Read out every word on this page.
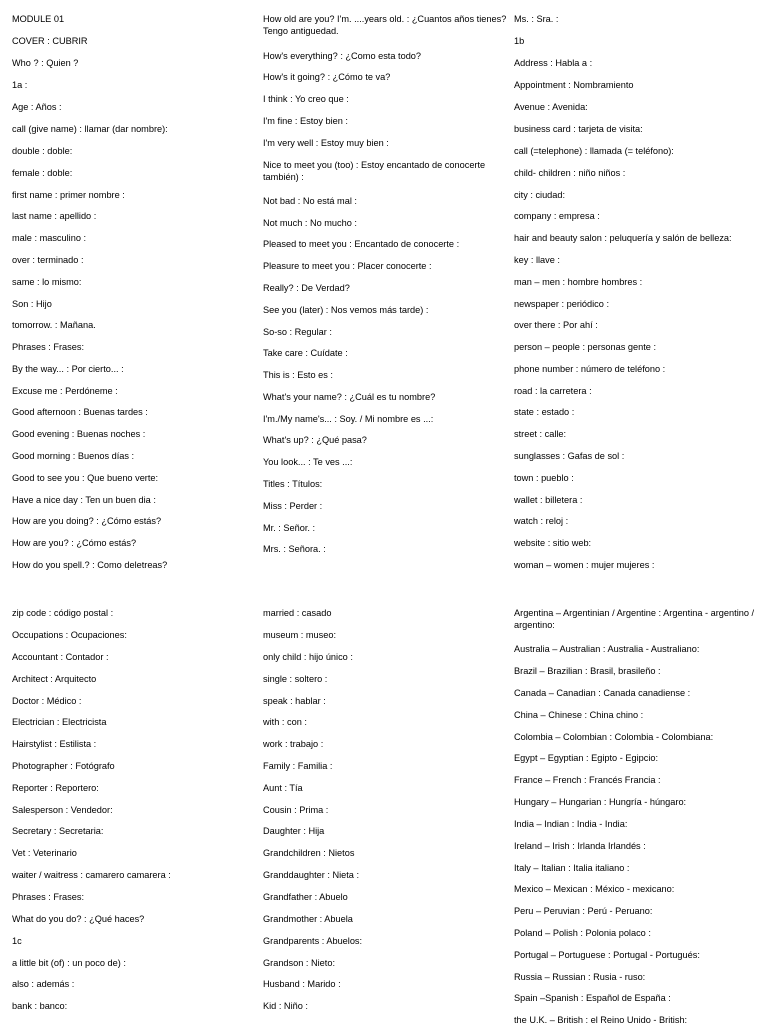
MODULE 01
COVER : CUBRIR
Who ? : Quien ?
1a :
Age : Años :
call (give name) : llamar (dar nombre):
double : doble:
female : doble:
first name : primer nombre :
last name : apellido :
male : masculino :
over : terminado :
same : lo mismo:
Son : Hijo
tomorrow. : Mañana.
Phrases : Frases:
By the way... : Por cierto... :
Excuse me : Perdóneme :
Good afternoon : Buenas tardes :
Good evening : Buenas noches :
Good morning : Buenos días :
Good to see you : Que bueno verte:
Have a nice day : Ten un buen dia :
How are you doing? : ¿Cómo estás?
How are you? : ¿Cómo estás?
How do you spell.? : Como deletreas?
How old are you? I'm. ....years old. : ¿Cuantos años tienes? Tengo antiguedad.
How's everything? : ¿Como esta todo?
How's it going? : ¿Cómo te va?
I think : Yo creo que :
I'm fine : Estoy bien :
I'm very well : Estoy muy bien :
Nice to meet you (too) : Estoy encantado de conocerte también) :
Not bad : No está mal :
Not much : No mucho :
Pleased to meet you : Encantado de conocerte :
Pleasure to meet you : Placer conocerte :
Really? : De Verdad?
See you (later) : Nos vemos más tarde) :
So-so : Regular :
Take care : Cuídate :
This is : Esto es :
What's your name? : ¿Cuál es tu nombre?
I'm./My name's... : Soy. / Mi nombre es ...:
What's up? : ¿Qué pasa?
You look... : Te ves ...:
Titles : Títulos:
Miss : Perder :
Mr. : Señor. :
Mrs. : Señora. :
Ms. : Sra. :
1b
Address : Habla a :
Appointment : Nombramiento
Avenue : Avenida:
business card : tarjeta de visita:
call (=telephone) : llamada (= teléfono):
child- children : niño niños :
city : ciudad:
company : empresa :
hair and beauty salon : peluquería y salón de belleza:
key : llave :
man – men : hombre hombres :
newspaper : periódico :
over there : Por ahí :
person – people : personas gente :
phone number : número de teléfono :
road : la carretera :
state : estado :
street : calle:
sunglasses : Gafas de sol :
town : pueblo :
wallet : billetera :
watch : reloj :
website : sitio web:
woman – women : mujer mujeres :
zip code : código postal :
Occupations : Ocupaciones:
Accountant : Contador :
Architect : Arquitecto
Doctor : Médico :
Electrician : Electricista
Hairstylist : Estilista :
Photographer : Fotógrafo
Reporter : Reportero:
Salesperson : Vendedor:
Secretary : Secretaria:
Vet : Veterinario
waiter / waitress : camarero camarera :
Phrases : Frases:
What do you do? : ¿Qué haces?
1c
a little bit (of) : un poco de) :
also : además :
bank : banco:
married : casado
museum : museo:
only child : hijo único :
single : soltero :
speak : hablar :
with : con :
work : trabajo :
Family : Familia :
Aunt : Tía
Cousin : Prima :
Daughter : Hija
Grandchildren : Nietos
Granddaughter : Nieta :
Grandfather : Abuelo
Grandmother : Abuela
Grandparents : Abuelos:
Grandson : Nieto:
Husband : Marido :
Kid : Niño :
Argentina – Argentinian / Argentine : Argentina - argentino / argentino:
Australia – Australian : Australia - Australiano:
Brazil – Brazilian : Brasil, brasileño :
Canada – Canadian : Canada canadiense :
China – Chinese : China chino :
Colombia – Colombian : Colombia - Colombiana:
Egypt – Egyptian : Egipto - Egipcio:
France – French : Francés Francia :
Hungary – Hungarian : Hungría - húngaro:
India – Indian : India - India:
Ireland – Irish : Irlanda Irlandés :
Italy – Italian : Italia italiano :
Mexico – Mexican : México - mexicano:
Peru – Peruvian : Perú - Peruano:
Poland – Polish : Polonia polaco :
Portugal – Portuguese : Portugal - Portugués:
Russia – Russian : Rusia - ruso:
Spain –Spanish : Español de España :
the U.K. – British : el Reino Unido - British:
